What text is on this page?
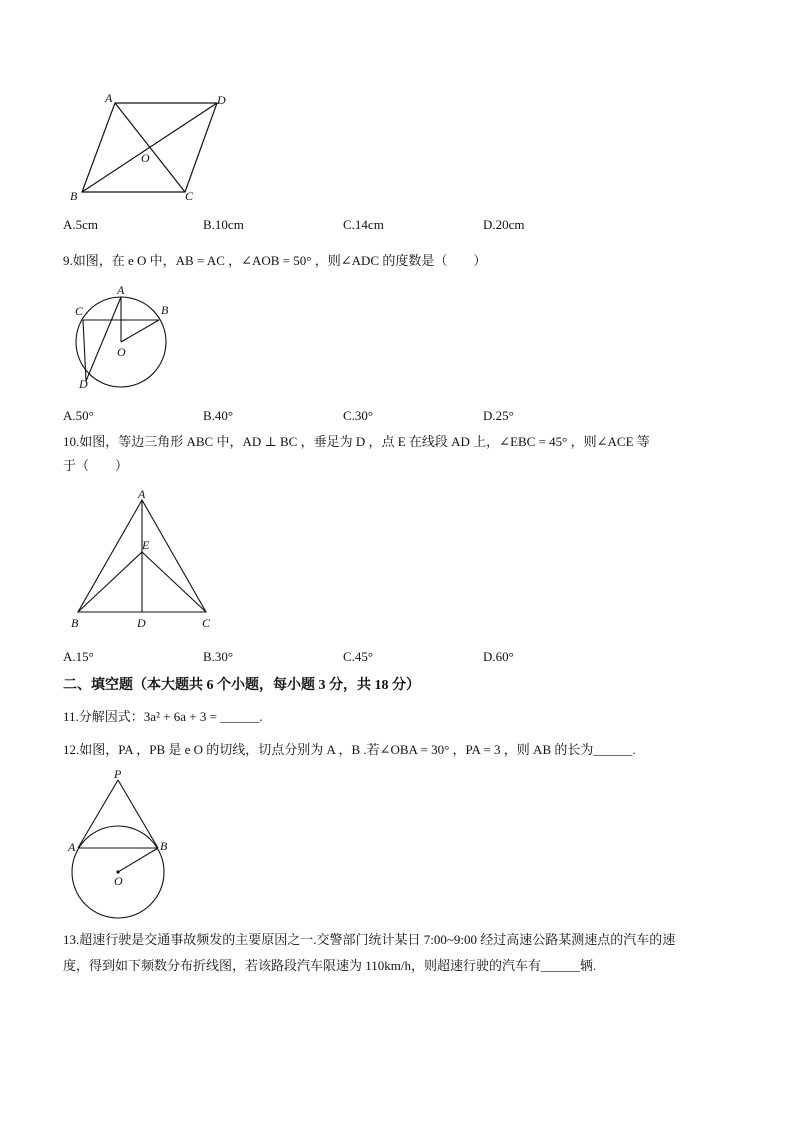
A	D
B	C
O
A.5cm	B.10cm	C.14cm	D.20cm
9.如图，在 e O 中，AB = AC ，∠AOB = 50° ，则∠ADC 的度数是（　　）
A
B
C
D
O
A.50°	B.40°	C.30°	D.25°
10.如图，等边三角形 ABC 中，AD ⊥ BC ，垂足为 D ，点 E 在线段 AD 上，∠EBC = 45° ，则∠ACE 等
于（　　）
A
E
B	D	C
A.15°	B.30°	C.45°	D.60°
二、填空题（本大题共 6 个小题，每小题 3 分，共 18 分）
11.分解因式：3a² + 6a + 3 = ______.
12.如图，PA ，PB 是 e O 的切线，切点分别为 A ，B .若∠OBA = 30° ，PA = 3 ，则 AB 的长为______.
P
A	B
O
13.超速行驶是交通事故频发的主要原因之一.交警部门统计某日 7:00~9:00 经过高速公路某测速点的汽车的速
度，得到如下频数分布折线图，若该路段汽车限速为 110km/h，则超速行驶的汽车有______辆.
